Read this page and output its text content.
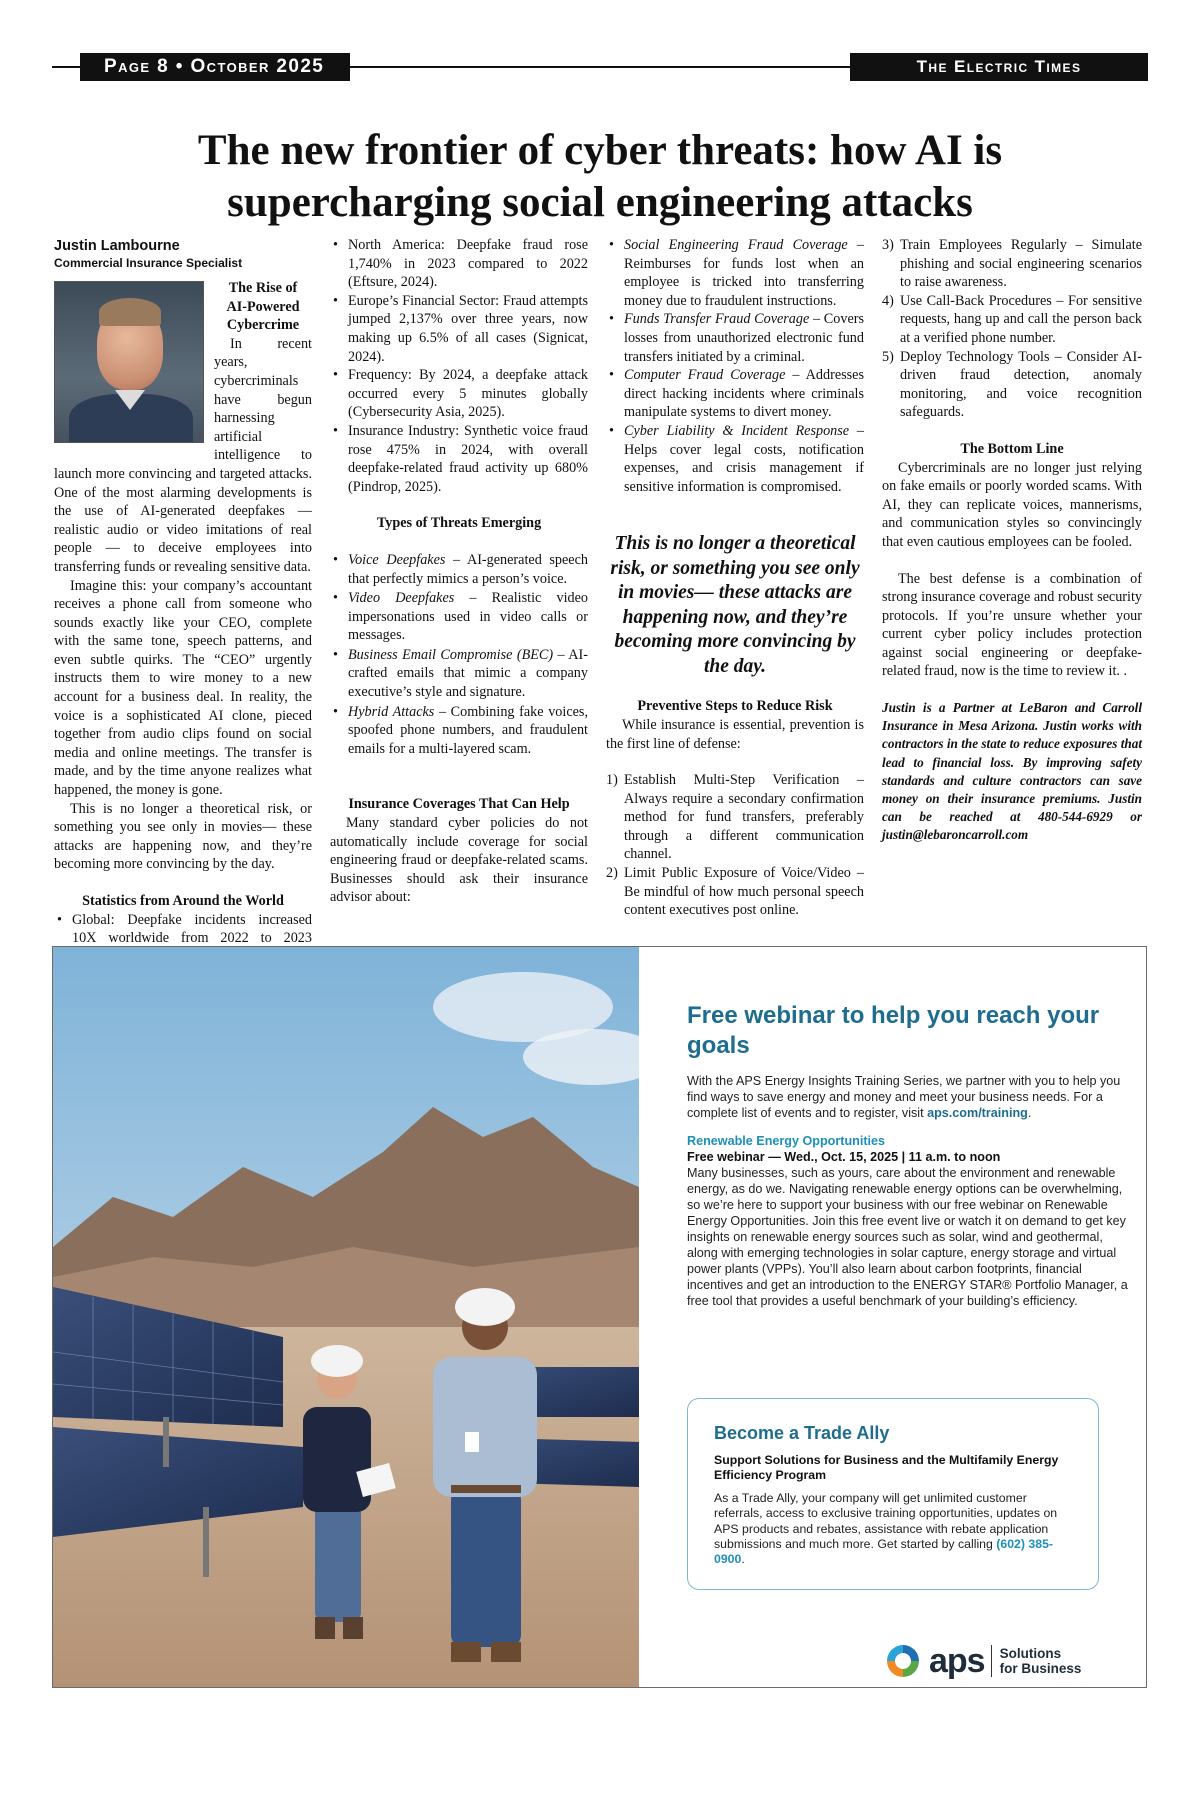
Page 8 • October 2025	The Electric Times
The new frontier of cyber threats: how AI is
supercharging social engineering attacks
Justin Lambourne
Commercial Insurance Specialist
The Rise of
AI-Powered
Cybercrime

In recent years, cybercriminals have begun harnessing artificial intelligence to launch more convincing and targeted attacks. One of the most alarming developments is the use of AI-generated deepfakes — realistic audio or video imitations of real people — to deceive employees into transferring funds or revealing sensitive data.

Imagine this: your company’s accountant receives a phone call from someone who sounds exactly like your CEO, complete with the same tone, speech patterns, and even subtle quirks. The “CEO” urgently instructs them to wire money to a new account for a business deal. In reality, the voice is a sophisticated AI clone, pieced together from audio clips found on social media and online meetings. The transfer is made, and by the time anyone realizes what happened, the money is gone.

This is no longer a theoretical risk, or something you see only in movies— these attacks are happening now, and they’re becoming more convincing by the day.

Statistics from Around the World
• Global: Deepfake incidents increased 10X worldwide from 2022 to 2023
• North America: Deepfake fraud rose 1,740% in 2023 compared to 2022 (Eftsure, 2024).
• Europe’s Financial Sector: Fraud attempts jumped 2,137% over three years, now making up 6.5% of all cases (Signicat, 2024).
• Frequency: By 2024, a deepfake attack occurred every 5 minutes globally (Cybersecurity Asia, 2025).
• Insurance Industry: Synthetic voice fraud rose 475% in 2024, with overall deepfake-related fraud activity up 680% (Pindrop, 2025).
Types of Threats Emerging
• Voice Deepfakes – AI-generated speech that perfectly mimics a person’s voice.
• Video Deepfakes – Realistic video impersonations used in video calls or messages.
• Business Email Compromise (BEC) – AI-crafted emails that mimic a company executive’s style and signature.
• Hybrid Attacks – Combining fake voices, spoofed phone numbers, and fraudulent emails for a multi-layered scam.
Insurance Coverages That Can Help

Many standard cyber policies do not automatically include coverage for social engineering fraud or deepfake-related scams. Businesses should ask their insurance advisor about:

• Social Engineering Fraud Coverage – Reimburses for funds lost when an employee is tricked into transferring money due to fraudulent instructions.
• Funds Transfer Fraud Coverage – Covers losses from unauthorized electronic fund transfers initiated by a criminal.
• Computer Fraud Coverage – Addresses direct hacking incidents where criminals manipulate systems to divert money.
• Cyber Liability & Incident Response – Helps cover legal costs, notification expenses, and crisis management if sensitive information is compromised.
This is no longer a theoretical risk, or something you see only in movies— these attacks are happening now, and they’re becoming more convincing by the day.
Preventive Steps to Reduce Risk

While insurance is essential, prevention is the first line of defense:

1) Establish Multi-Step Verification – Always require a secondary confirmation method for fund transfers, preferably through a different communication channel.
2) Limit Public Exposure of Voice/Video – Be mindful of how much personal speech content executives post online.
3) Train Employees Regularly – Simulate phishing and social engineering scenarios to raise awareness.
4) Use Call-Back Procedures – For sensitive requests, hang up and call the person back at a verified phone number.
5) Deploy Technology Tools – Consider AI-driven fraud detection, anomaly monitoring, and voice recognition safeguards.
The Bottom Line

Cybercriminals are no longer just relying on fake emails or poorly worded scams. With AI, they can replicate voices, mannerisms, and communication styles so convincingly that even cautious employees can be fooled.

The best defense is a combination of strong insurance coverage and robust security protocols. If you’re unsure whether your current cyber policy includes protection against social engineering or deepfake-related fraud, now is the time to review it. .

Justin is a Partner at LeBaron and Carroll Insurance in Mesa Arizona. Justin works with contractors in the state to reduce exposures that lead to financial loss. By improving safety standards and culture contractors can save money on their insurance premiums. Justin can be reached at 480-544-6929 or justin@lebaroncarroll.com
Free webinar to help you reach your goals
With the APS Energy Insights Training Series, we partner with you to help you find ways to save energy and money and meet your business needs. For a complete list of events and to register, visit aps.com/training.
Renewable Energy Opportunities
Free webinar — Wed., Oct. 15, 2025 | 11 a.m. to noon
Many businesses, such as yours, care about the environment and renewable energy, as do we. Navigating renewable energy options can be overwhelming, so we’re here to support your business with our free webinar on Renewable Energy Opportunities. Join this free event live or watch it on demand to get key insights on renewable energy sources such as solar, wind and geothermal, along with emerging technologies in solar capture, energy storage and virtual power plants (VPPs). You’ll also learn about carbon footprints, financial incentives and get an introduction to the ENERGY STAR® Portfolio Manager, a free tool that provides a useful benchmark of your building’s efficiency.
Become a Trade Ally
Support Solutions for Business and the Multifamily Energy Efficiency Program
As a Trade Ally, your company will get unlimited customer referrals, access to exclusive training opportunities, updates on APS products and rebates, assistance with rebate application submissions and much more. Get started by calling (602) 385-0900.
aps Solutions
for Business
